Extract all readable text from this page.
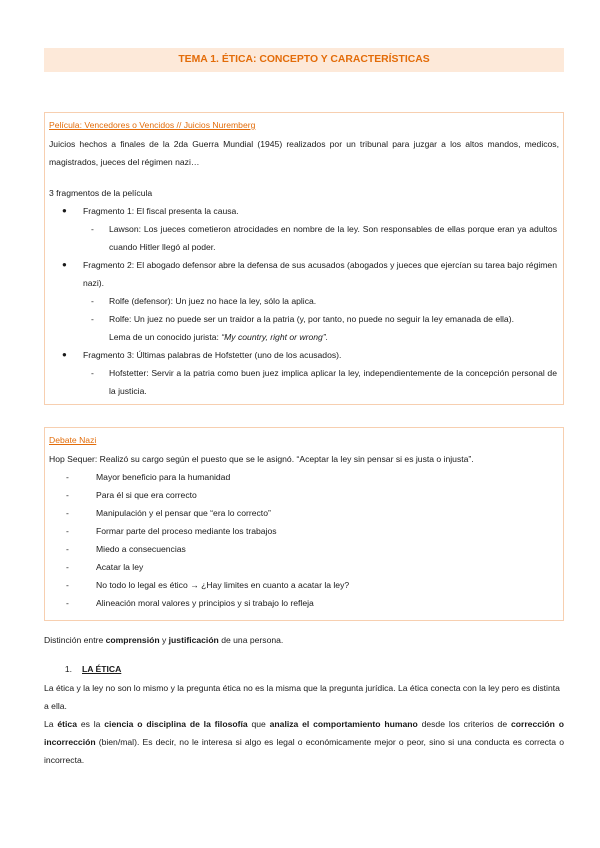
TEMA 1. ÉTICA: CONCEPTO Y CARACTERÍSTICAS
Película: Vencedores o Vencidos // Juicios Nuremberg

Juicios hechos a finales de la 2da Guerra Mundial (1945) realizados por un tribunal para juzgar a los altos mandos, medicos, magistrados, jueces del régimen nazi…

3 fragmentos de la película

● Fragmento 1: El fiscal presenta la causa.
- Lawson: Los jueces cometieron atrocidades en nombre de la ley. Son responsables de ellas porque eran ya adultos cuando Hitler llegó al poder.
● Fragmento 2: El abogado defensor abre la defensa de sus acusados (abogados y jueces que ejercían su tarea bajo régimen nazi).
- Rolfe (defensor): Un juez no hace la ley, sólo la aplica.
- Rolfe: Un juez no puede ser un traidor a la patria (y, por tanto, no puede no seguir la ley emanada de ella).
Lema de un conocido jurista: “My country, right or wrong”.
● Fragmento 3: Últimas palabras de Hofstetter (uno de los acusados).
- Hofstetter: Servir a la patria como buen juez implica aplicar la ley, independientemente de la concepción personal de la justicia.
Debate Nazi

Hop Sequer: Realizó su cargo según el puesto que se le asignó. “Aceptar la ley sin pensar si es justa o injusta”.

-	Mayor beneficio para la humanidad
-	Para él si que era correcto
-	Manipulación y el pensar que “era lo correcto”
-	Formar parte del proceso mediante los trabajos
-	Miedo a consecuencias
-	Acatar la ley
-	No todo lo legal es ético → ¿Hay limites en cuanto a acatar la ley?
-	Alineación moral valores y principios y si trabajo lo refleja
Distinción entre comprensión y justificación de una persona.
1. LA ÉTICA

La ética y la ley no son lo mismo y la pregunta ética no es la misma que la pregunta jurídica. La ética conecta con la ley pero es distinta a ella.

La ética es la ciencia o disciplina de la filosofía que analiza el comportamiento humano desde los criterios de corrección o incorrección (bien/mal). Es decir, no le interesa si algo es legal o económicamente mejor o peor, sino si una conducta es correcta o incorrecta.
